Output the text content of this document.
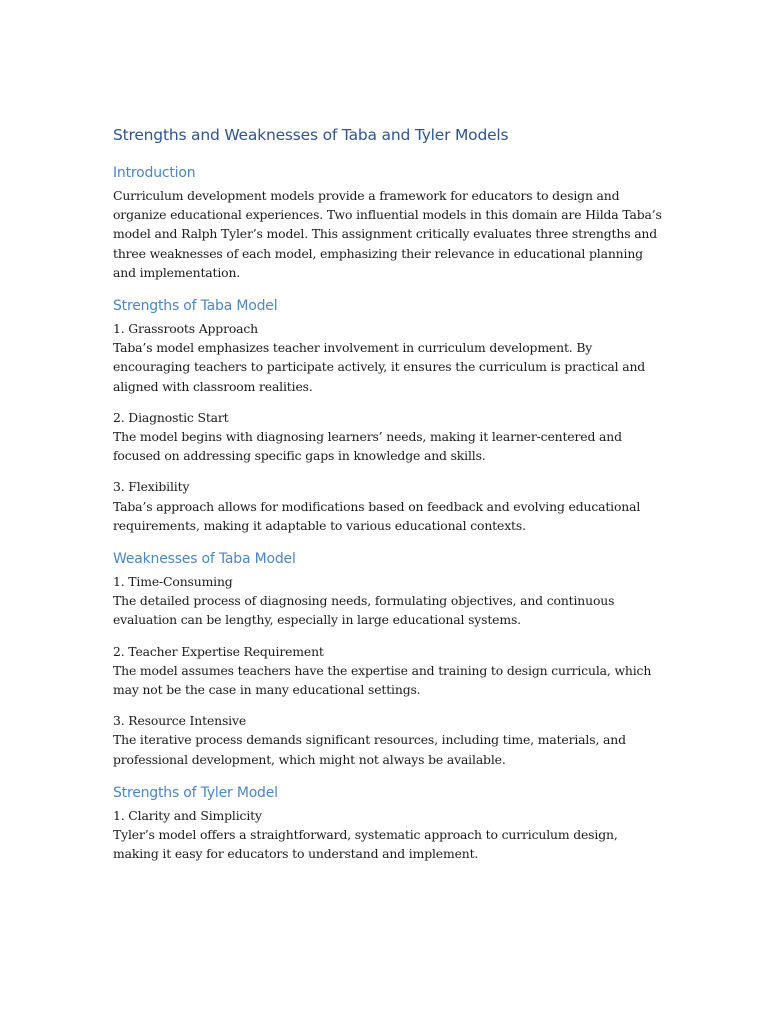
Strengths and Weaknesses of Taba and Tyler Models
Introduction

Curriculum development models provide a framework for educators to design and organize educational experiences. Two influential models in this domain are Hilda Taba’s model and Ralph Tyler’s model. This assignment critically evaluates three strengths and three weaknesses of each model, emphasizing their relevance in educational planning and implementation.

Strengths of Taba Model

1. Grassroots Approach

Taba’s model emphasizes teacher involvement in curriculum development. By encouraging teachers to participate actively, it ensures the curriculum is practical and aligned with classroom realities.

2. Diagnostic Start

The model begins with diagnosing learners’ needs, making it learner-centered and focused on addressing specific gaps in knowledge and skills.

3. Flexibility

Taba’s approach allows for modifications based on feedback and evolving educational requirements, making it adaptable to various educational contexts.

Weaknesses of Taba Model

1. Time-Consuming

The detailed process of diagnosing needs, formulating objectives, and continuous evaluation can be lengthy, especially in large educational systems.

2. Teacher Expertise Requirement

The model assumes teachers have the expertise and training to design curricula, which may not be the case in many educational settings.

3. Resource Intensive

The iterative process demands significant resources, including time, materials, and professional development, which might not always be available.

Strengths of Tyler Model

1. Clarity and Simplicity

Tyler’s model offers a straightforward, systematic approach to curriculum design, making it easy for educators to understand and implement.
